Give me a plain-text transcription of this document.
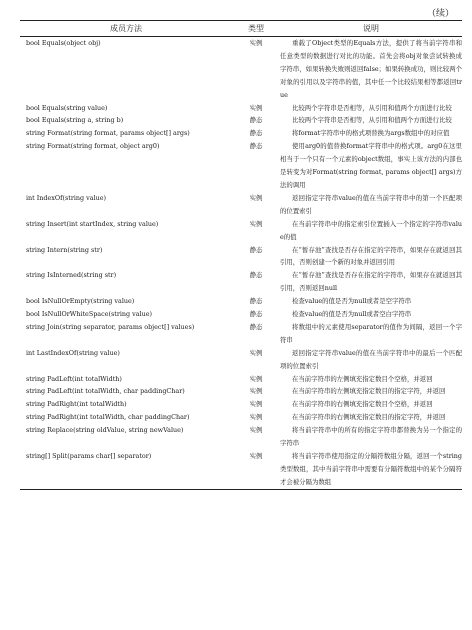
（续）
成员方法	类型	说明
bool Equals(object obj)	实例	重载了Object类型的Equals方法，提供了将当前字符串和任意类型的数据进行对比的功能。首先会将obj对象尝试转换成字符串，如果转换失败则返回false；如果转换成功，则比较两个对象的引用以及字符串的值，其中任一个比较结果相等都返回true
bool Equals(string value)	实例	比较两个字符串是否相等，从引用和值两个方面进行比较
bool Equals(string a, string b)	静态	比较两个字符串是否相等，从引用和值两个方面进行比较
string Format(string format, params object[] args)	静态	将format字符串中的格式项替换为args数组中的对应值
string Format(string format, object arg0)	静态	使用arg0的值替换format字符串中的格式项。arg0在这里相当于一个只有一个元素的object数组，事实上该方法的内部也是转变为对Format(string format, params object[] args)方法的调用
int IndexOf(string value)	实例	返回指定字符串value的值在当前字符串中的第一个匹配项的位置索引
string Insert(int startIndex, string value)	实例	在当前字符串中的指定索引位置插入一个指定的字符串value的值
string Intern(string str)	静态	在“暂存池”查找是否存在指定的字符串，如果存在就返回其引用，否则创建一个新的对象并返回引用
string IsInterned(string str)	静态	在“暂存池”查找是否存在指定的字符串，如果存在就返回其引用，否则返回null
bool IsNullOrEmpty(string value)	静态	检查value的值是否为null或者是空字符串
bool IsNullOrWhiteSpace(string value)	静态	检查value的值是否为null或者空白字符串
string Join(string separator, params object[] values)	静态	将数组中的元素使用separator的值作为间隔，返回一个字符串
int LastIndexOf(string value)	实例	返回指定字符串value的值在当前字符串中的最后一个匹配项的位置索引
string PadLeft(int totalWidth)	实例	在当前字符串的左侧填充指定数目个空格，并返回
string PadLeft(int totalWidth, char paddingChar)	实例	在当前字符串的左侧填充指定数目的指定字符，并返回
string PadRight(int totalWidth)	实例	在当前字符串的右侧填充指定数目个空格，并返回
string PadRight(int totalWidth, char paddingChar)	实例	在当前字符串的右侧填充指定数目的指定字符，并返回
string Replace(string oldValue, string newValue)	实例	将当前字符串中的所有的指定字符串都替换为另一个指定的字符串
string[] Split(params char[] separator)	实例	将当前字符串使用指定的分隔符数组分隔，返回一个string类型数组，其中当前字符串中需要有分隔符数组中的某个分隔符才会被分隔为数组
